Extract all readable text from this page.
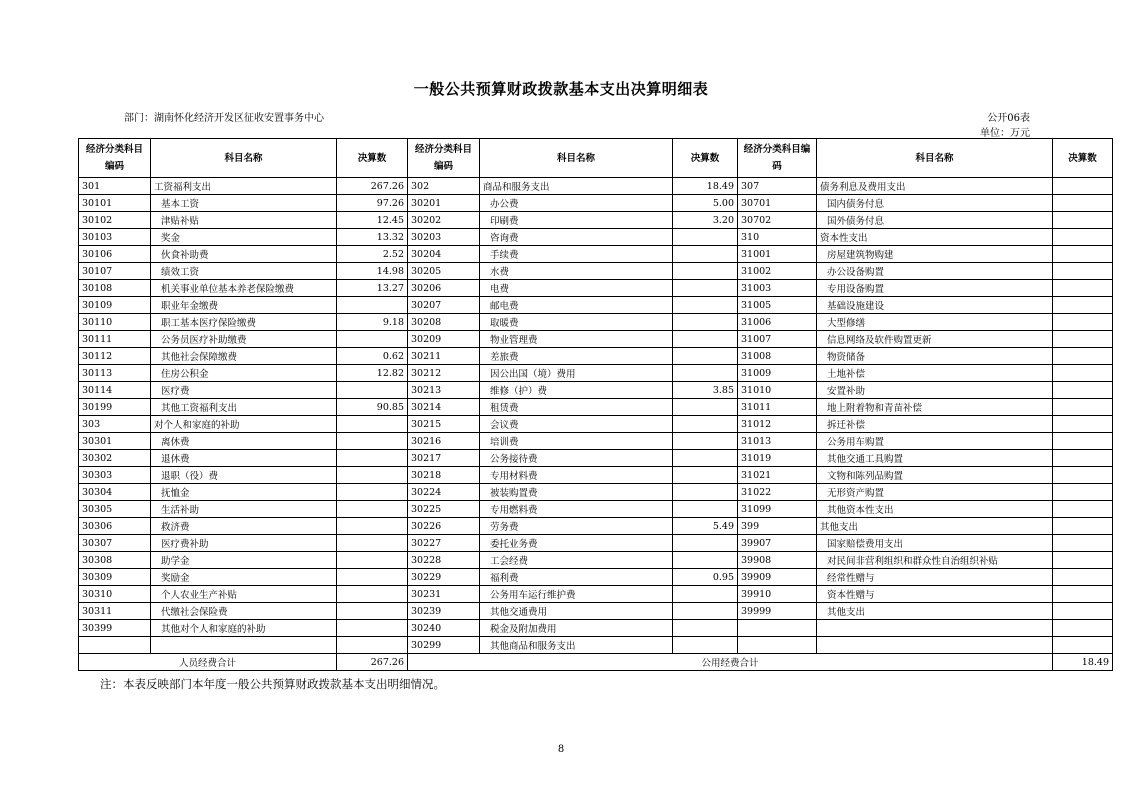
一般公共预算财政拨款基本支出决算明细表
部门：湖南怀化经济开发区征收安置事务中心	公开06表
单位：万元
经济分类科目编码	科目名称	决算数	经济分类科目编码	科目名称	决算数	经济分类科目编码	科目名称	决算数
301	工资福利支出	267.26	302	商品和服务支出	18.49	307	债务利息及费用支出	
30101	基本工资	97.26	30201	办公费	5.00	30701	国内债务付息	
30102	津贴补贴	12.45	30202	印刷费	3.20	30702	国外债务付息	
30103	奖金	13.32	30203	咨询费		310	资本性支出	
30106	伙食补助费	2.52	30204	手续费		31001	房屋建筑物购建	
30107	绩效工资	14.98	30205	水费		31002	办公设备购置	
30108	机关事业单位基本养老保险缴费	13.27	30206	电费		31003	专用设备购置	
30109	职业年金缴费		30207	邮电费		31005	基础设施建设	
30110	职工基本医疗保险缴费	9.18	30208	取暖费		31006	大型修缮	
30111	公务员医疗补助缴费		30209	物业管理费		31007	信息网络及软件购置更新	
30112	其他社会保障缴费	0.62	30211	差旅费		31008	物资储备	
30113	住房公积金	12.82	30212	因公出国（境）费用		31009	土地补偿	
30114	医疗费		30213	维修（护）费	3.85	31010	安置补助	
30199	其他工资福利支出	90.85	30214	租赁费		31011	地上附着物和青苗补偿	
303	对个人和家庭的补助		30215	会议费		31012	拆迁补偿	
30301	离休费		30216	培训费		31013	公务用车购置	
30302	退休费		30217	公务接待费		31019	其他交通工具购置	
30303	退职（役）费		30218	专用材料费		31021	文物和陈列品购置	
30304	抚恤金		30224	被装购置费		31022	无形资产购置	
30305	生活补助		30225	专用燃料费		31099	其他资本性支出	
30306	救济费		30226	劳务费	5.49	399	其他支出	
30307	医疗费补助		30227	委托业务费		39907	国家赔偿费用支出	
30308	助学金		30228	工会经费		39908	对民间非营利组织和群众性自治组织补贴	
30309	奖励金		30229	福利费	0.95	39909	经常性赠与	
30310	个人农业生产补贴		30231	公务用车运行维护费		39910	资本性赠与	
30311	代缴社会保险费		30239	其他交通费用		39999	其他支出	
30399	其他对个人和家庭的补助		30240	税金及附加费用				
			30299	其他商品和服务支出				
人员经费合计		267.26	公用经费合计					18.49
注：本表反映部门本年度一般公共预算财政拨款基本支出明细情况。
8
